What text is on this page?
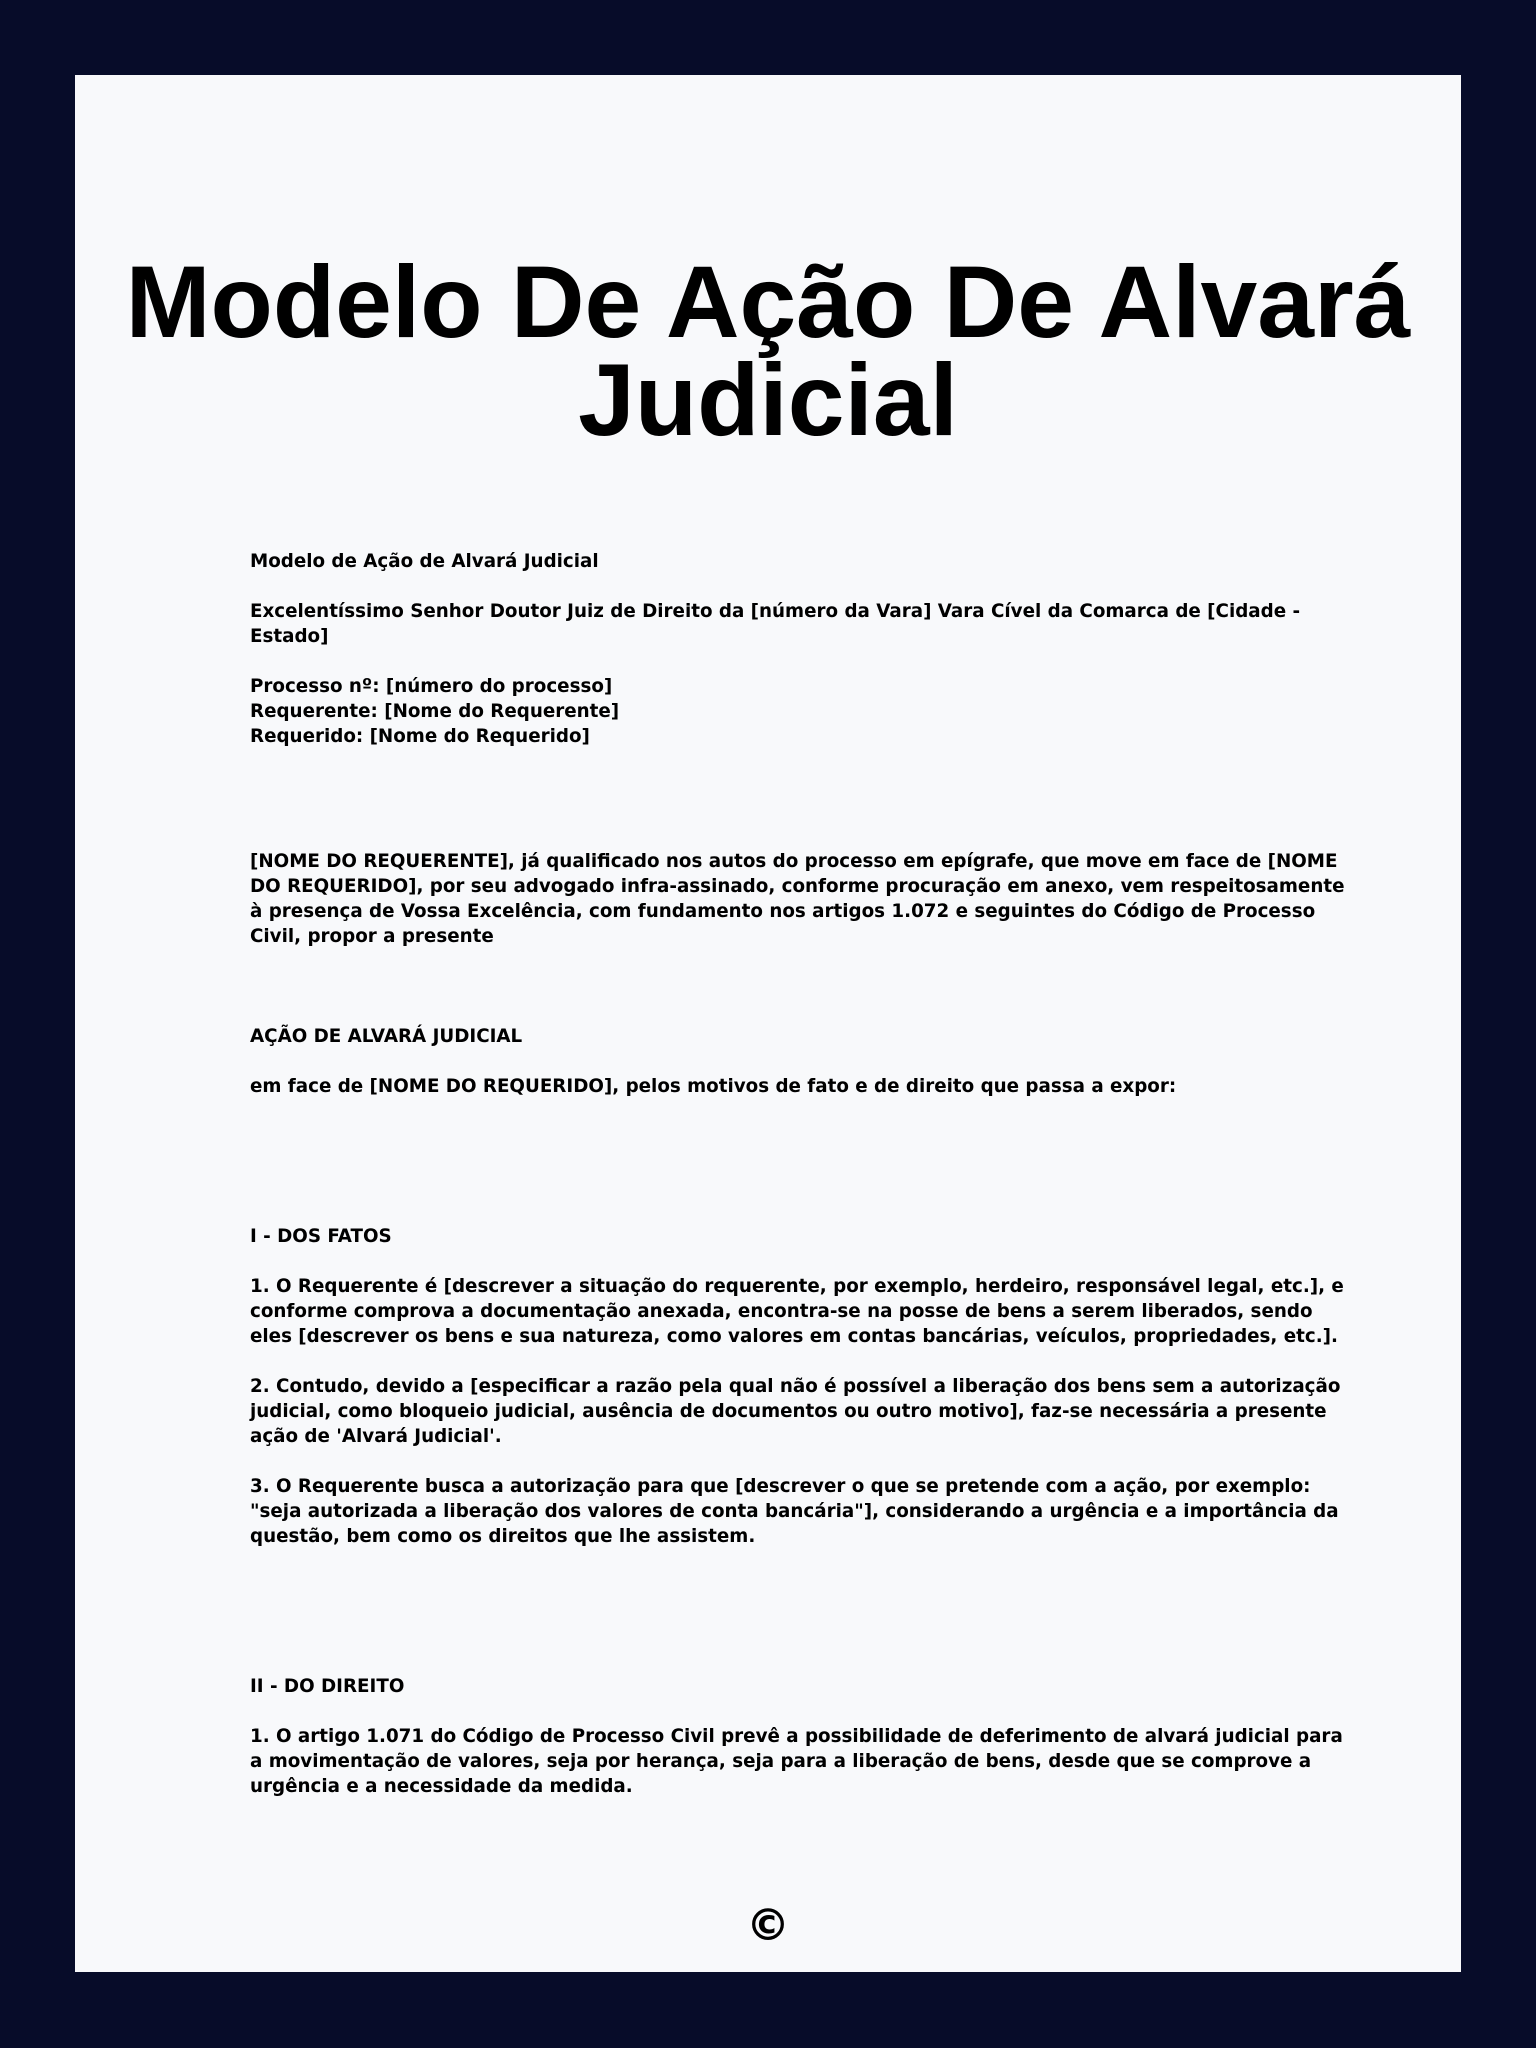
Modelo De Ação De Alvará Judicial

Modelo de Ação de Alvará Judicial

Excelentíssimo Senhor Doutor Juiz de Direito da [número da Vara] Vara Cível da Comarca de [Cidade - Estado]

Processo nº: [número do processo]
Requerente: [Nome do Requerente]
Requerido: [Nome do Requerido]

[NOME DO REQUERENTE], já qualificado nos autos do processo em epígrafe, que move em face de [NOME DO REQUERIDO], por seu advogado infra-assinado, conforme procuração em anexo, vem respeitosamente à presença de Vossa Excelência, com fundamento nos artigos 1.072 e seguintes do Código de Processo Civil, propor a presente

AÇÃO DE ALVARÁ JUDICIAL

em face de [NOME DO REQUERIDO], pelos motivos de fato e de direito que passa a expor:

I - DOS FATOS

1. O Requerente é [descrever a situação do requerente, por exemplo, herdeiro, responsável legal, etc.], e conforme comprova a documentação anexada, encontra-se na posse de bens a serem liberados, sendo eles [descrever os bens e sua natureza, como valores em contas bancárias, veículos, propriedades, etc.].

2. Contudo, devido a [especificar a razão pela qual não é possível a liberação dos bens sem a autorização judicial, como bloqueio judicial, ausência de documentos ou outro motivo], faz-se necessária a presente ação de 'Alvará Judicial'.

3. O Requerente busca a autorização para que [descrever o que se pretende com a ação, por exemplo: "seja autorizada a liberação dos valores de conta bancária"], considerando a urgência e a importância da questão, bem como os direitos que lhe assistem.

II - DO DIREITO

1. O artigo 1.071 do Código de Processo Civil prevê a possibilidade de deferimento de alvará judicial para a movimentação de valores, seja por herança, seja para a liberação de bens, desde que se comprove a urgência e a necessidade da medida.

©
